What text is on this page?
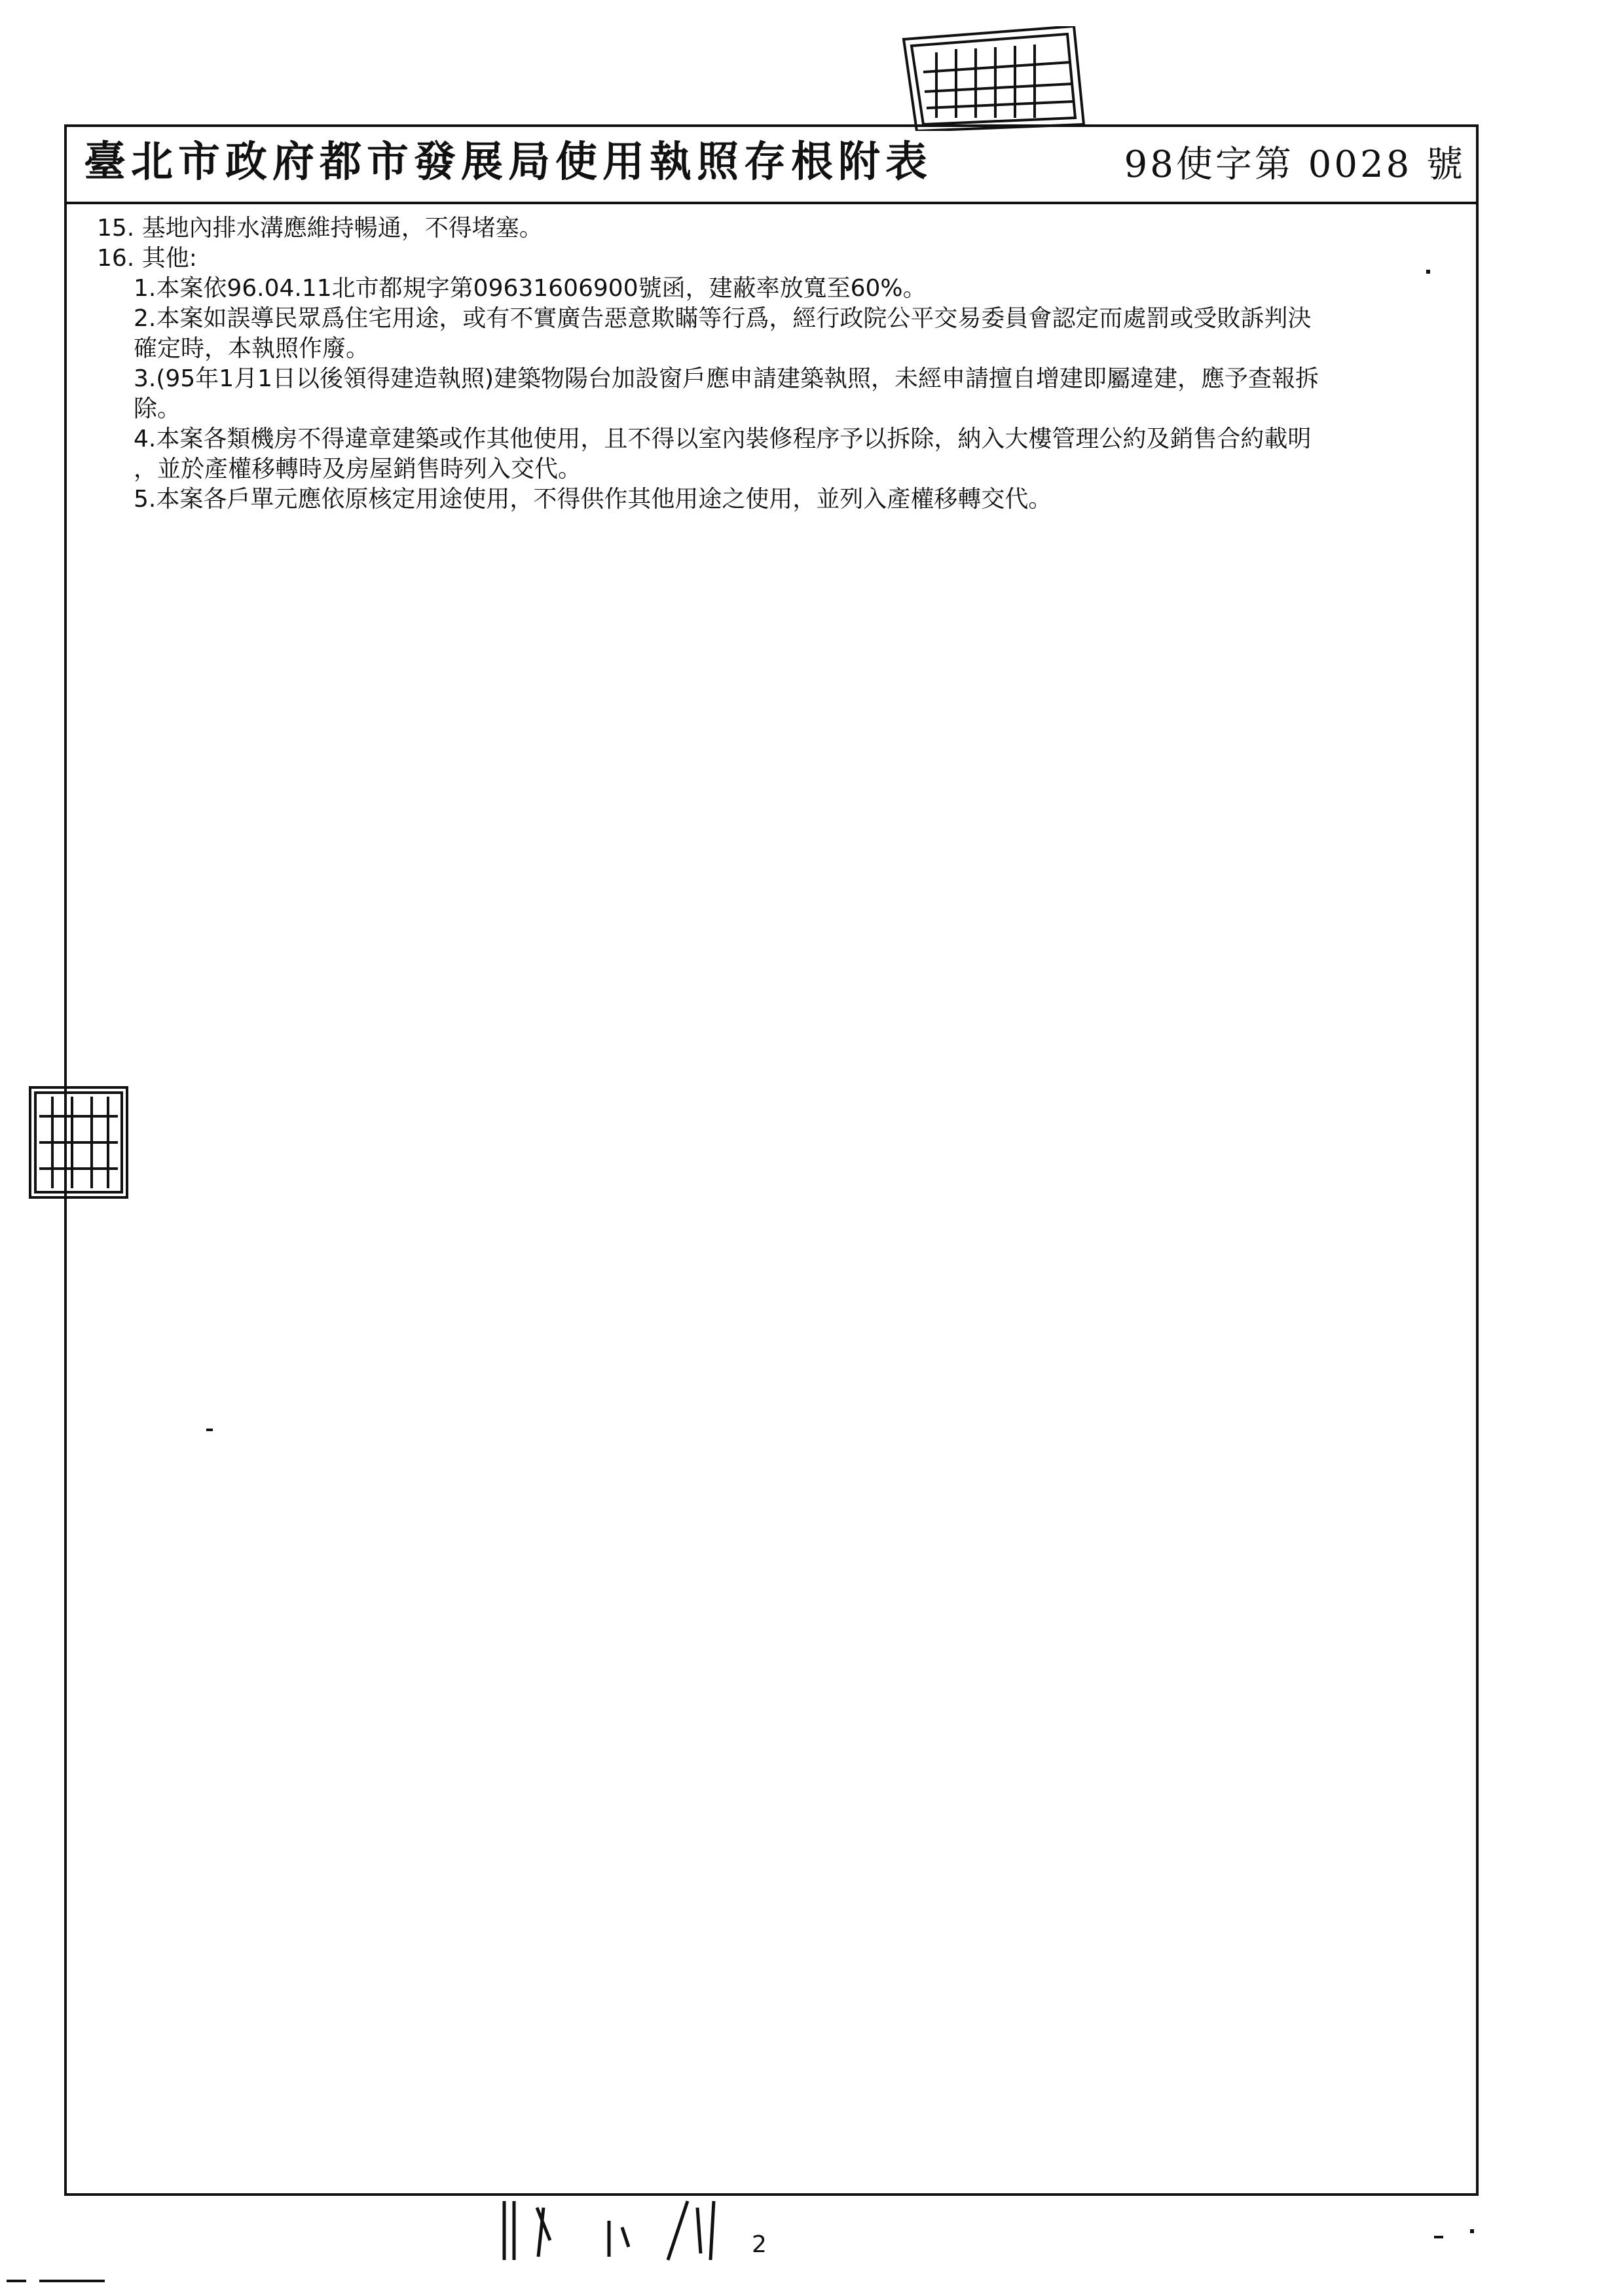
臺北市政府都市發展局使用執照存根附表	98使字第 0028 號

15. 基地內排水溝應維持暢通，不得堵塞。

16. 其他:

1.本案依96.04.11北市都規字第09631606900號函，建蔽率放寬至60%。

2.本案如誤導民眾爲住宅用途，或有不實廣告惡意欺瞞等行爲，經行政院公平交易委員會認定而處罰或受敗訴判決
確定時，本執照作廢。

3.(95年1月1日以後領得建造執照)建築物陽台加設窗戶應申請建築執照，未經申請擅自增建即屬違建，應予查報拆
除。

4.本案各類機房不得違章建築或作其他使用，且不得以室內裝修程序予以拆除，納入大樓管理公約及銷售合約載明
，並於產權移轉時及房屋銷售時列入交代。

5.本案各戶單元應依原核定用途使用，不得供作其他用途之使用，並列入產權移轉交代。

2
